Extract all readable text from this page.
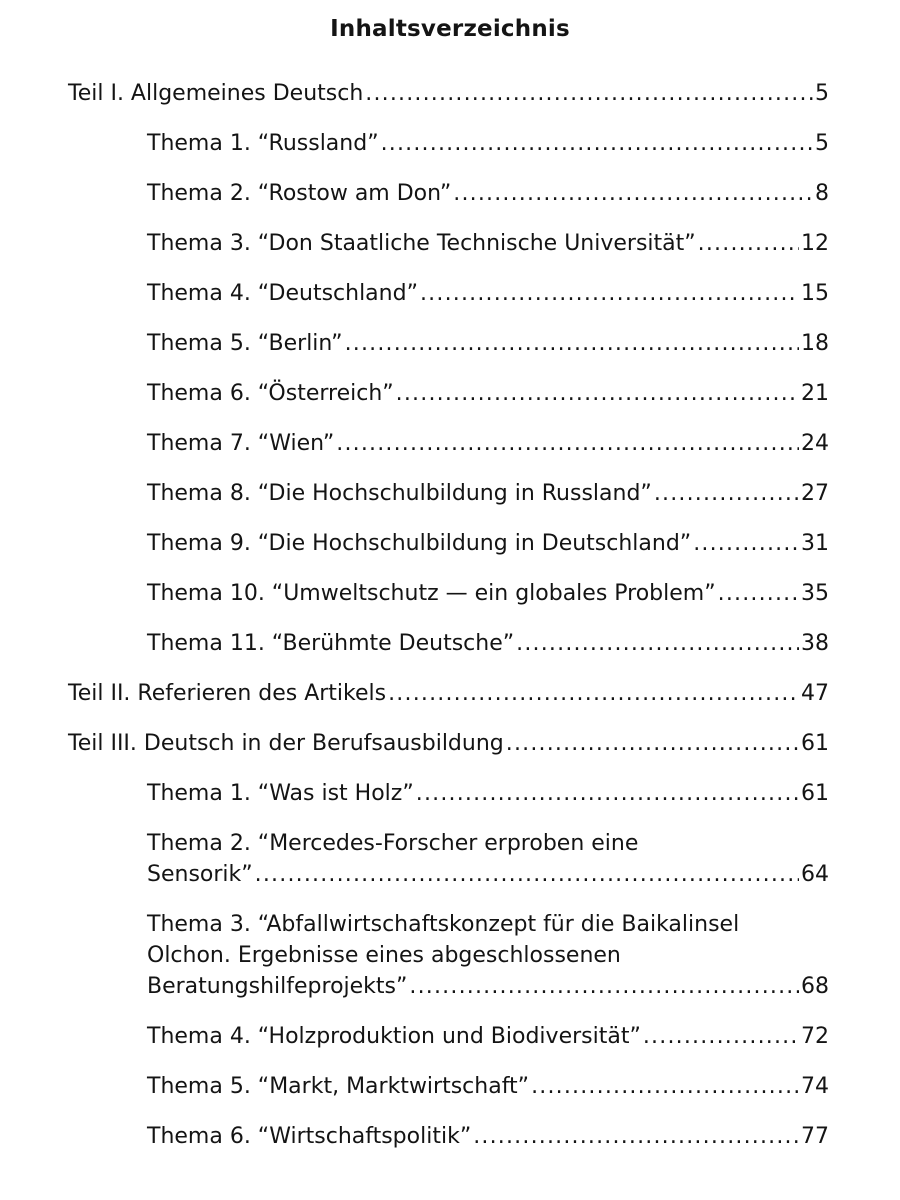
Inhaltsverzeichnis
Teil I. Allgemeines Deutsch .....	5
Thema 1. “Russland” .....	5
Thema 2. “Rostow am Don” .....	8
Thema 3. “Don Staatliche Technische Universität” .....	12
Thema 4. “Deutschland” .....	15
Thema 5. “Berlin” .....	18
Thema 6. “Österreich” .....	21
Thema 7. “Wien” .....	24
Thema 8. “Die Hochschulbildung in Russland” .....	27
Thema 9. “Die Hochschulbildung in Deutschland” .....	31
Thema 10. “Umweltschutz — ein globales Problem” .....	35
Thema 11. “Berühmte Deutsche” .....	38
Teil II. Referieren des Artikels .....	47
Teil III. Deutsch in der Berufsausbildung .....	61
Thema 1. “Was ist Holz” .....	61
Thema 2. “Mercedes-Forscher erproben eine
Sensorik” .....	64
Thema 3. “Abfallwirtschaftskonzept für die Baikalinsel
Olchon. Ergebnisse eines abgeschlossenen
Beratungshilfeprojekts” .....	68
Thema 4. “Holzproduktion und Biodiversität” .....	72
Thema 5. “Markt, Marktwirtschaft” .....	74
Thema 6. “Wirtschaftspolitik” .....	77
